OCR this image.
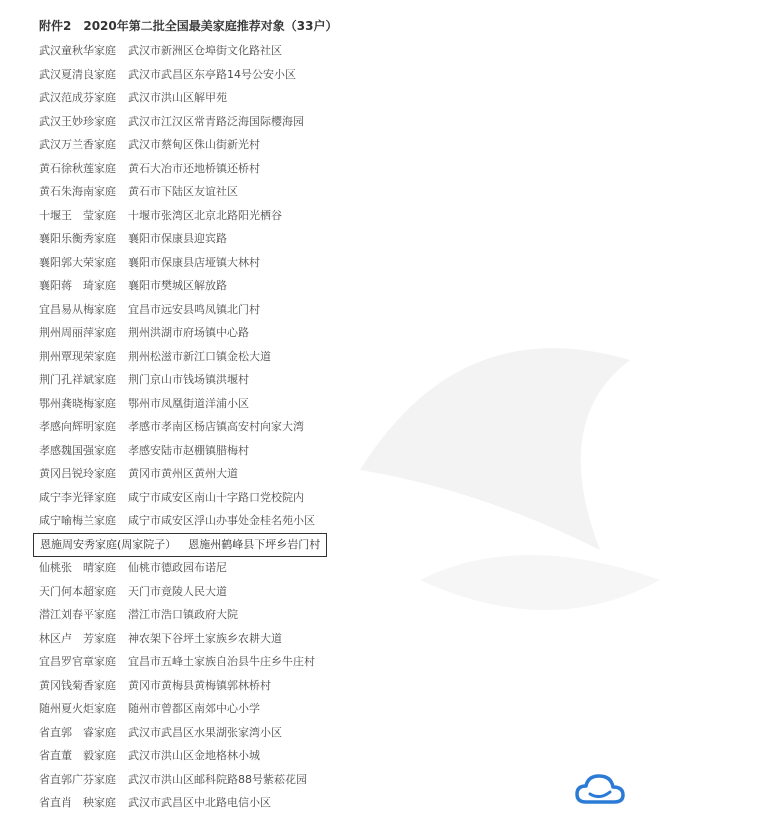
附件2　2020年第二批全国最美家庭推荐对象（33户）
武汉童秋华家庭 武汉市新洲区仓埠街文化路社区
武汉夏清良家庭 武汉市武昌区东亭路14号公安小区
武汉范成芬家庭 武汉市洪山区解甲苑
武汉王妙珍家庭 武汉市江汉区常青路泛海国际樱海园
武汉万兰香家庭 武汉市蔡甸区侏山街新光村
黄石徐秋莲家庭 黄石大冶市还地桥镇还桥村
黄石朱海南家庭 黄石市下陆区友谊社区
十堰王　莹家庭 十堰市张湾区北京北路阳光栖谷
襄阳乐衡秀家庭 襄阳市保康县迎宾路
襄阳郭大荣家庭 襄阳市保康县店垭镇大林村
襄阳蒋　琦家庭 襄阳市樊城区解放路
宜昌易从梅家庭 宜昌市远安县鸣凤镇北门村
荆州周丽萍家庭 荆州洪湖市府场镇中心路
荆州覃现荣家庭 荆州松滋市新江口镇金松大道
荆门孔祥斌家庭 荆门京山市钱场镇洪堰村
鄂州龚晓梅家庭 鄂州市凤凰街道洋浦小区
孝感向辉明家庭 孝感市孝南区杨店镇高安村向家大湾
孝感魏国强家庭 孝感安陆市赵棚镇腊梅村
黄冈吕锐玲家庭 黄冈市黄州区黄州大道
咸宁李光铎家庭 咸宁市咸安区南山十字路口党校院内
咸宁喻梅兰家庭 咸宁市咸安区浮山办事处金桂名苑小区
恩施周安秀家庭(周家院子） 恩施州鹤峰县下坪乡岩门村
仙桃张　晴家庭 仙桃市德政园布诺尼
天门何本超家庭 天门市竟陵人民大道
潜江刘春平家庭 潜江市浩口镇政府大院
林区卢　芳家庭 神农架下谷坪土家族乡农耕大道
宜昌罗官章家庭 宜昌市五峰土家族自治县牛庄乡牛庄村
黄冈钱菊香家庭 黄冈市黄梅县黄梅镇郭林桥村
随州夏火炬家庭 随州市曾都区南郊中心小学
省直郭　睿家庭 武汉市武昌区水果湖张家湾小区
省直董　毅家庭 武汉市洪山区金地格林小城
省直郭广芬家庭 武汉市洪山区邮科院路88号紫菘花园
省直肖　秧家庭 武汉市武昌区中北路电信小区
